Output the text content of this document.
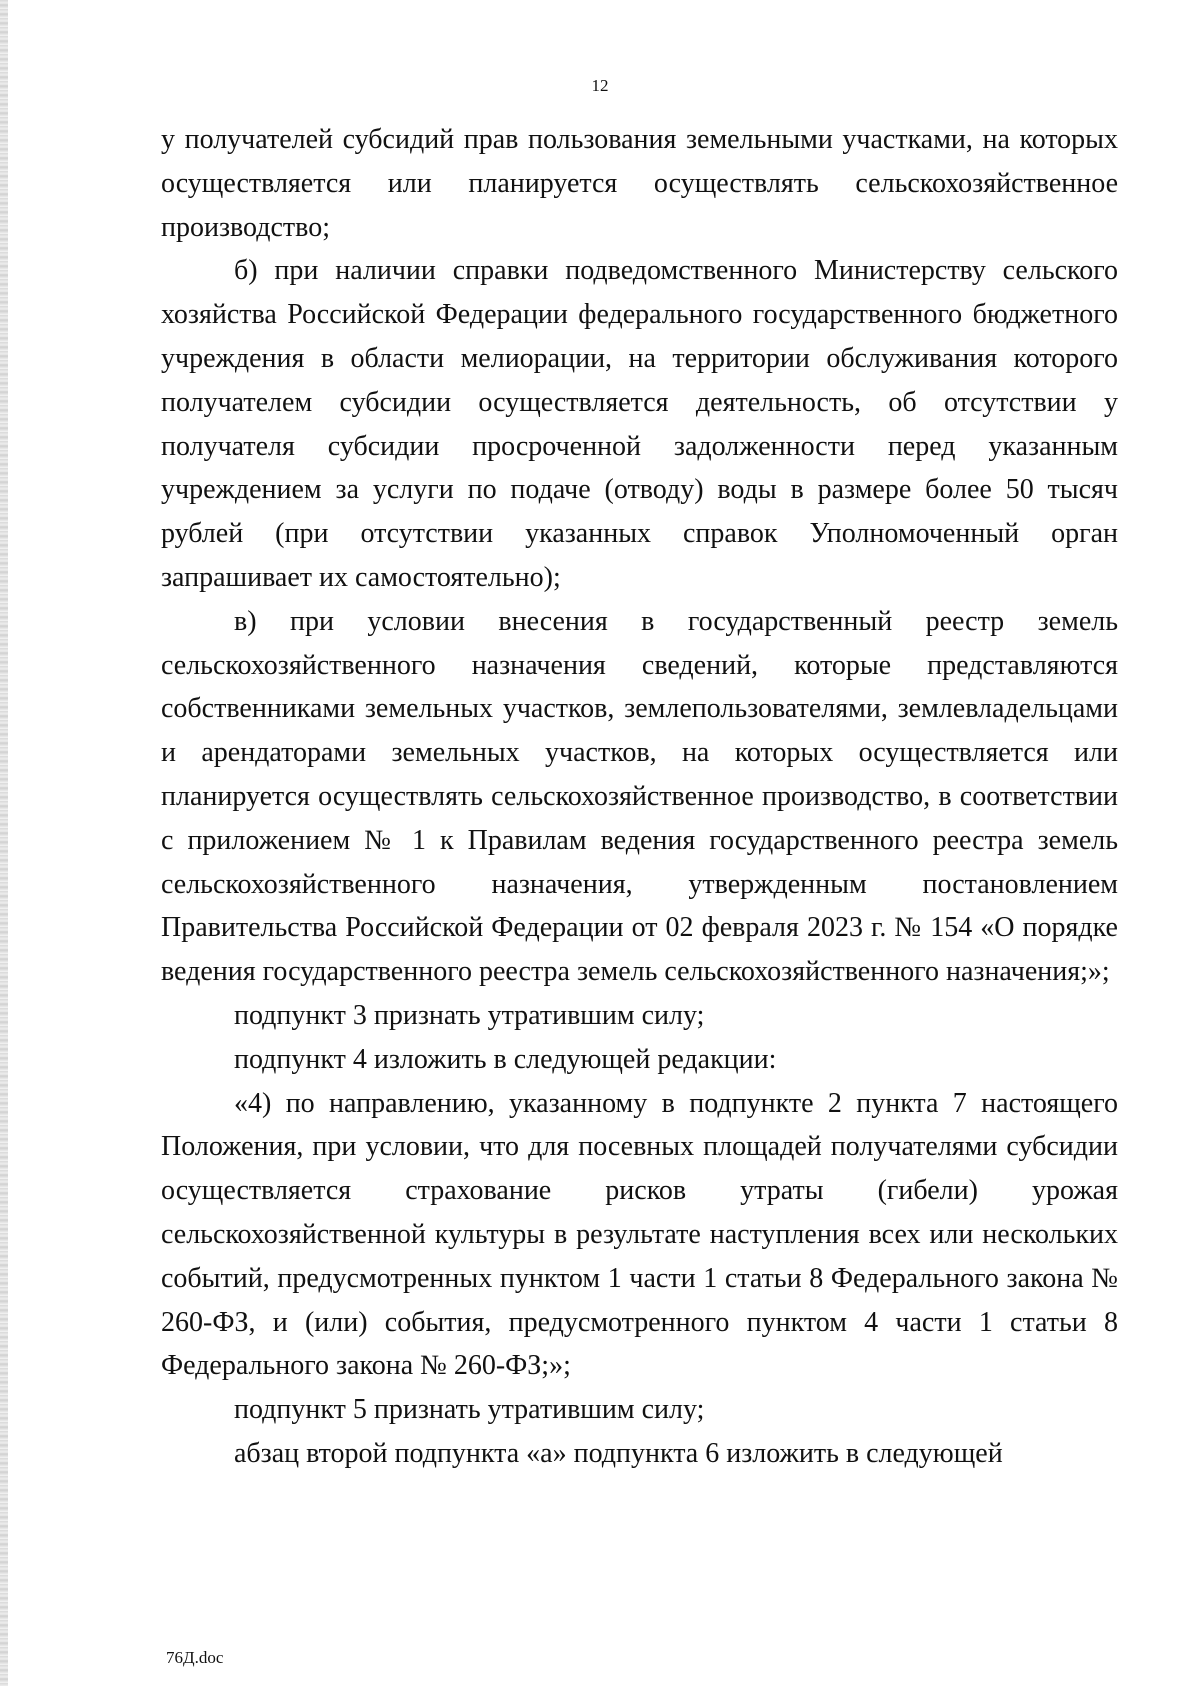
12

у получателей субсидий прав пользования земельными участками, на которых осуществляется или планируется осуществлять сельскохозяйственное производство;

б) при наличии справки подведомственного Министерству сельского хозяйства Российской Федерации федерального государственного бюджетного учреждения в области мелиорации, на территории обслуживания которого получателем субсидии осуществляется деятельность, об отсутствии у получателя субсидии просроченной задолженности перед указанным учреждением за услуги по подаче (отводу) воды в размере более 50 тысяч рублей (при отсутствии указанных справок Уполномоченный орган запрашивает их самостоятельно);

в) при условии внесения в государственный реестр земель сельскохозяйственного назначения сведений, которые представляются собственниками земельных участков, землепользователями, землевладельцами и арендаторами земельных участков, на которых осуществляется или планируется осуществлять сельскохозяйственное производство, в соответствии с приложением № 1 к Правилам ведения государственного реестра земель сельскохозяйственного назначения, утвержденным постановлением Правительства Российской Федерации от 02 февраля 2023 г. № 154 «О порядке ведения государственного реестра земель сельскохозяйственного назначения;»;

подпункт 3 признать утратившим силу;

подпункт 4 изложить в следующей редакции:

«4) по направлению, указанному в подпункте 2 пункта 7 настоящего Положения, при условии, что для посевных площадей получателями субсидии осуществляется страхование рисков утраты (гибели) урожая сельскохозяйственной культуры в результате наступления всех или нескольких событий, предусмотренных пунктом 1 части 1 статьи 8 Федерального закона № 260-ФЗ, и (или) события, предусмотренного пунктом 4 части 1 статьи 8 Федерального закона № 260-ФЗ;»;

подпункт 5 признать утратившим силу;

абзац второй подпункта «а» подпункта 6 изложить в следующей

76Д.doc
